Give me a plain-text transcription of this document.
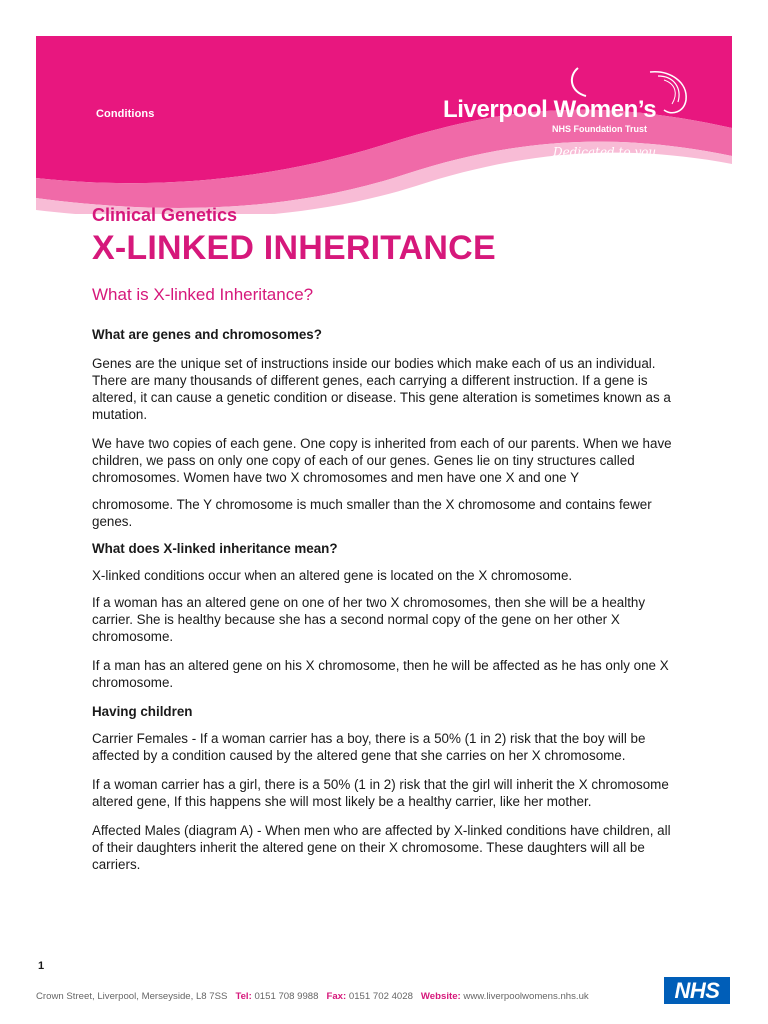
Conditions	Liverpool Women’s
NHS Foundation Trust
Dedicated to you
Clinical Genetics
X-LINKED INHERITANCE
What is X-linked Inheritance?

What are genes and chromosomes?

Genes are the unique set of instructions inside our bodies which make each of us an individual. There are many thousands of different genes, each carrying a different instruction. If a gene is altered, it can cause a genetic condition or disease. This gene alteration is sometimes known as a mutation.

We have two copies of each gene. One copy is inherited from each of our parents. When we have children, we pass on only one copy of each of our genes. Genes lie on tiny structures called chromosomes. Women have two X chromosomes and men have one X and one Y

chromosome. The Y chromosome is much smaller than the X chromosome and contains fewer genes.

What does X-linked inheritance mean?

X-linked conditions occur when an altered gene is located on the X chromosome.

If a woman has an altered gene on one of her two X chromosomes, then she will be a healthy carrier. She is healthy because she has a second normal copy of the gene on her other X chromosome.

If a man has an altered gene on his X chromosome, then he will be affected as he has only one X chromosome.

Having children

Carrier Females - If a woman carrier has a boy, there is a 50% (1 in 2) risk that the boy will be affected by a condition caused by the altered gene that she carries on her X chromosome.

If a woman carrier has a girl, there is a 50% (1 in 2) risk that the girl will inherit the X chromosome altered gene, If this happens she will most likely be a healthy carrier, like her mother.

Affected Males (diagram A) - When men who are affected by X-linked conditions have children, all of their daughters inherit the altered gene on their X chromosome. These daughters will all be carriers.

1
Crown Street, Liverpool, Merseyside, L8 7SS Tel: 0151 708 9988 Fax: 0151 702 4028 Website: www.liverpoolwomens.nhs.uk	NHS
